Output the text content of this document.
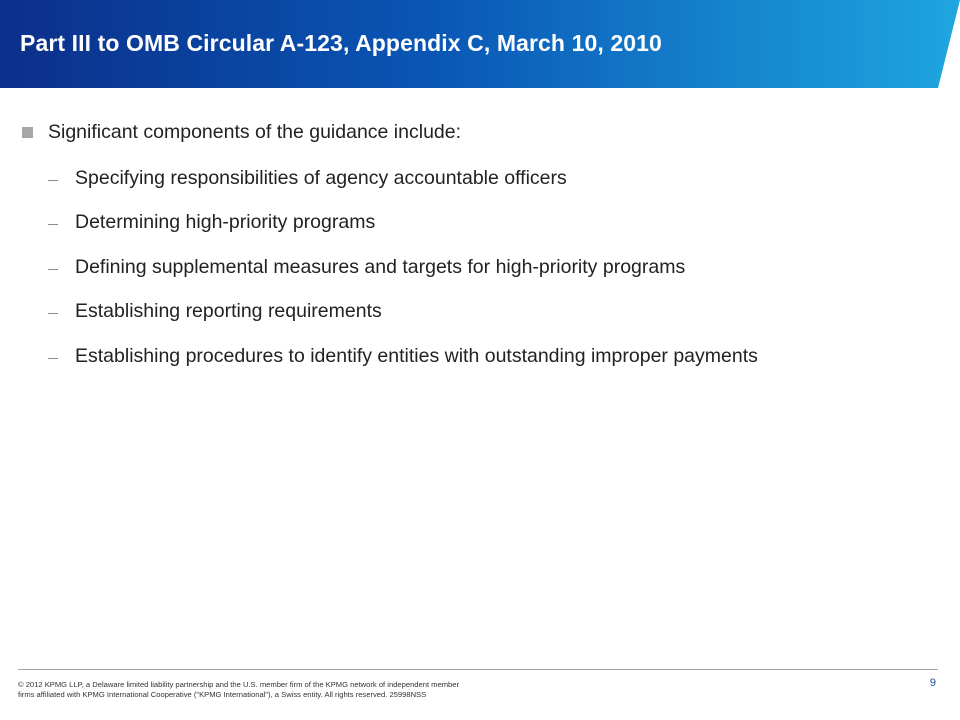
Part III to OMB Circular A-123, Appendix C, March 10, 2010
Significant components of the guidance include:
Specifying responsibilities of agency accountable officers
Determining high-priority programs
Defining supplemental measures and targets for high-priority programs
Establishing reporting requirements
Establishing procedures to identify entities with outstanding improper payments

© 2012 KPMG LLP, a Delaware limited liability partnership and the U.S. member firm of the KPMG network of independent member
firms affiliated with KPMG International Cooperative ("KPMG International"), a Swiss entity. All rights reserved. 25998NSS

9
